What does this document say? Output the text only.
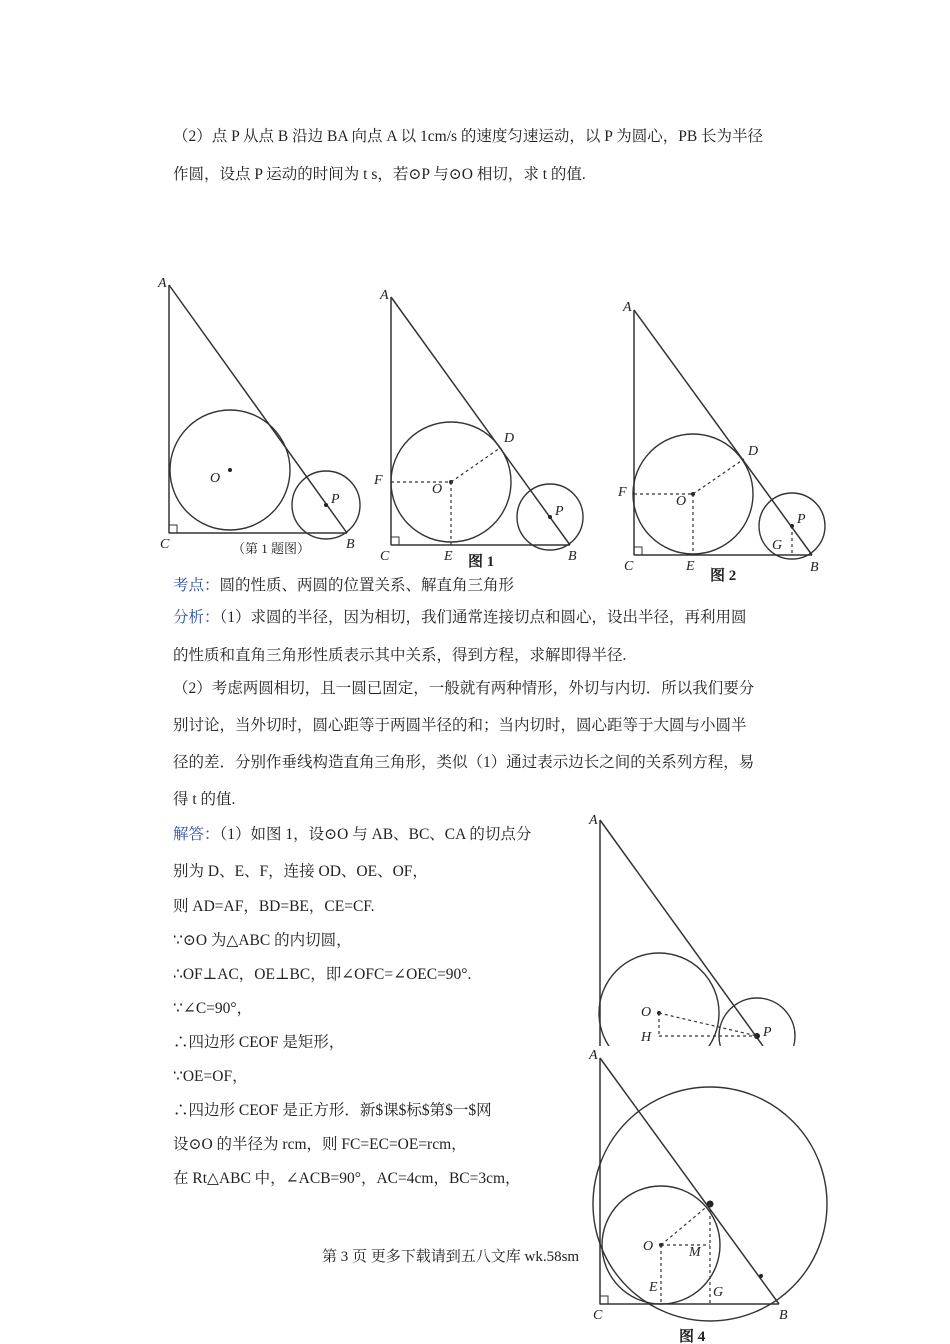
（2）点 P 从点 B 沿边 BA 向点 A 以 1cm/s 的速度匀速运动，以 P 为圆心，PB 长为半径
作圆，设点 P 运动的时间为 t s，若⊙P 与⊙O 相切，求 t 的值.
A
O
P
C	B
（第 1 题图）
A
D
F
O
P
C	E	B
图 1
A
D
F
O
P
G
C	E	B
图 2
考点：圆的性质、两圆的位置关系、解直角三角形
分析：（1）求圆的半径，因为相切，我们通常连接切点和圆心，设出半径，再利用圆
的性质和直角三角形性质表示其中关系，得到方程，求解即得半径.
（2）考虑两圆相切，且一圆已固定，一般就有两种情形，外切与内切．所以我们要分
别讨论，当外切时，圆心距等于两圆半径的和；当内切时，圆心距等于大圆与小圆半
径的差．分别作垂线构造直角三角形，类似（1）通过表示边长之间的关系列方程，易
得 t 的值.
解答：（1）如图 1，设⊙O 与 AB、BC、CA 的切点分
别为 D、E、F，连接 OD、OE、OF，
则 AD=AF，BD=BE，CE=CF.
∵⊙O 为△ABC 的内切圆，
∴OF⊥AC，OE⊥BC，即∠OFC=∠OEC=90°.
∵∠C=90°，
∴四边形 CEOF 是矩形，
∵OE=OF，
∴四边形 CEOF 是正方形．新$课$标$第$一$网
设⊙O 的半径为 rcm，则 FC=EC=OE=rcm，
在 Rt△ABC 中，∠ACB=90°，AC=4cm，BC=3cm，
A
O
H	P
A
O	M
E	G
C	B
图 4
第 3 页 更多下载请到五八文库 wk.58sm
